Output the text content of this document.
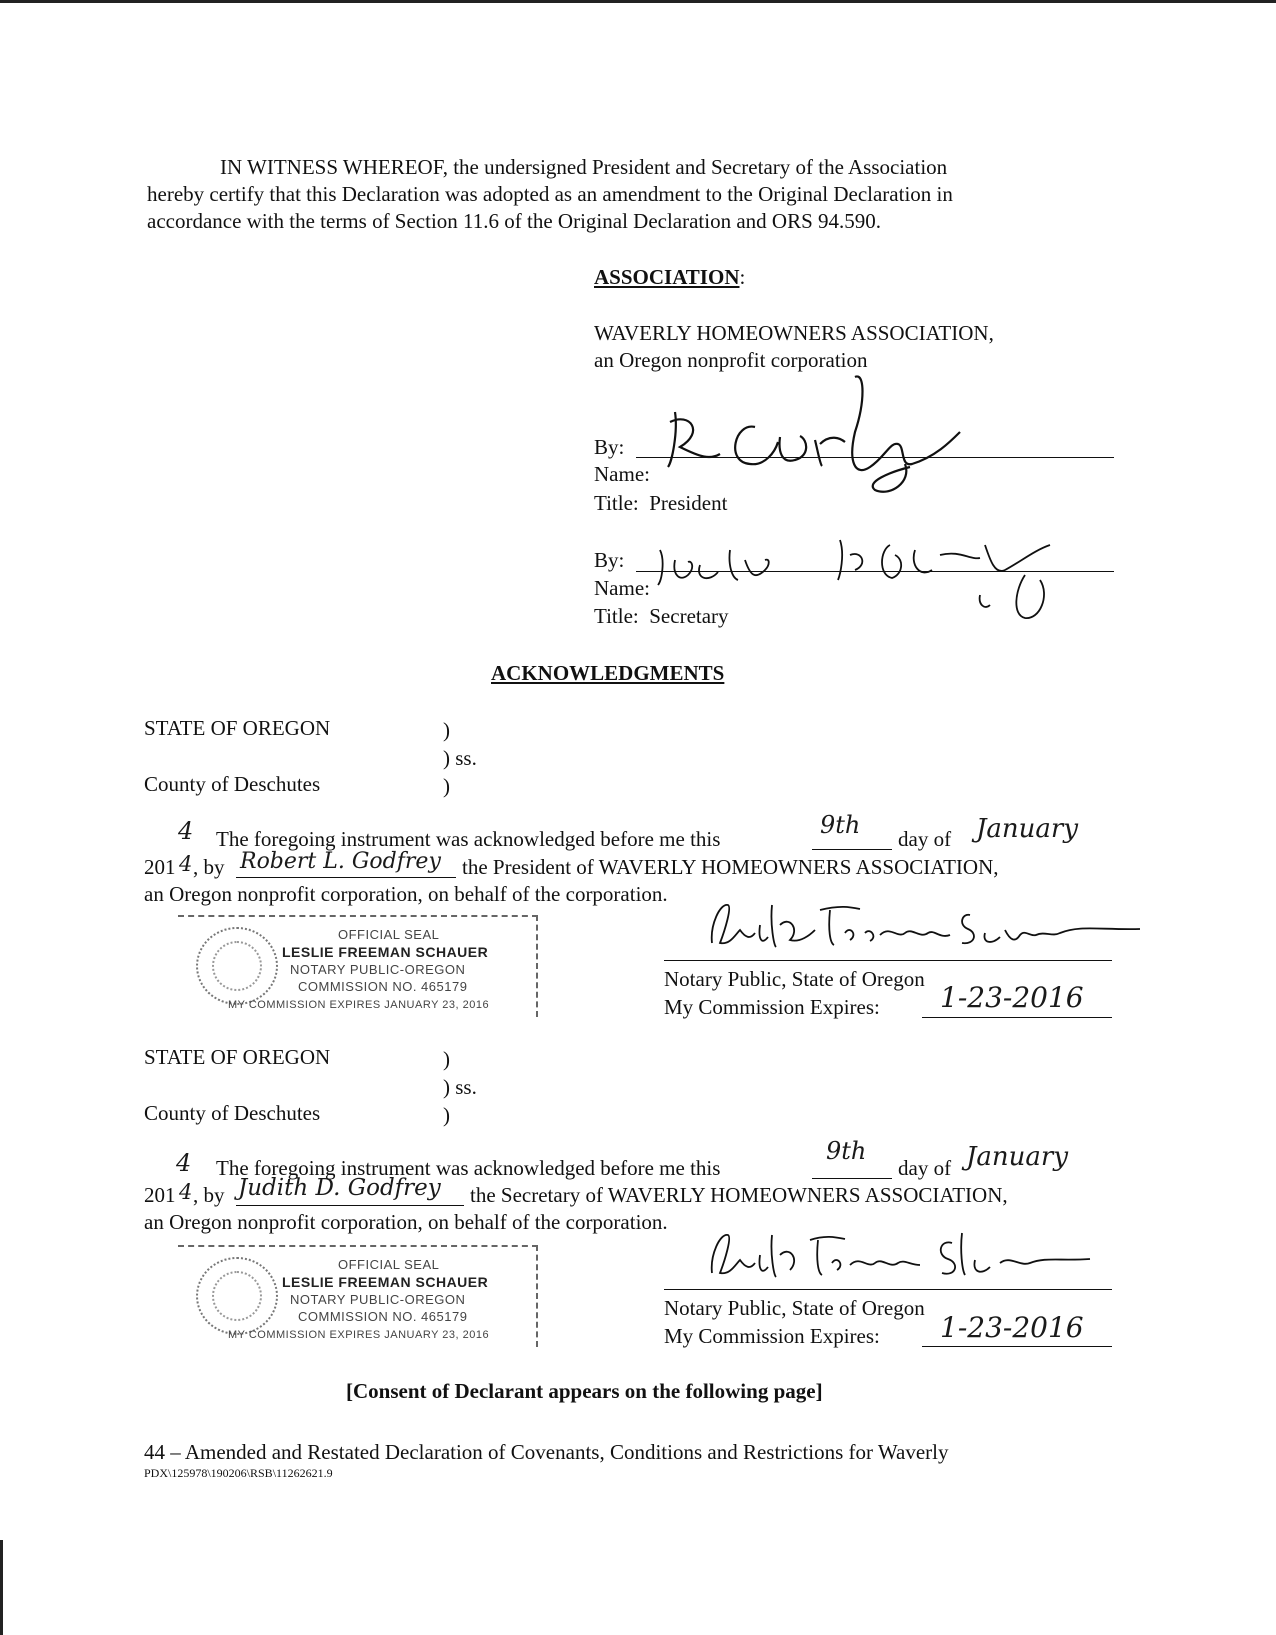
IN WITNESS WHEREOF, the undersigned President and Secretary of the Association
hereby certify that this Declaration was adopted as an amendment to the Original Declaration in
accordance with the terms of Section 11.6 of the Original Declaration and ORS 94.590.
ASSOCIATION:
WAVERLY HOMEOWNERS ASSOCIATION,
an Oregon nonprofit corporation
By:
Name:
Title: President
By:
Name:
Title: Secretary
ACKNOWLEDGMENTS
STATE OF OREGON	)
) ss.
County of Deschutes	)
4 The foregoing instrument was acknowledged before me this	9th day of January
201 4 , by Robert L. Godfrey the President of WAVERLY HOMEOWNERS ASSOCIATION,
an Oregon nonprofit corporation, on behalf of the corporation.
OFFICIAL SEAL
LESLIE FREEMAN SCHAUER
NOTARY PUBLIC-OREGON
COMMISSION NO. 465179
MY COMMISSION EXPIRES JANUARY 23, 2016
Notary Public, State of Oregon
My Commission Expires: 1-23-2016
STATE OF OREGON	)
) ss.
County of Deschutes	)
4 The foregoing instrument was acknowledged before me this
9th
day of January
201 4 , by Judith D. Godfrey the Secretary of WAVERLY HOMEOWNERS ASSOCIATION,
an Oregon nonprofit corporation, on behalf of the corporation.
OFFICIAL SEAL
LESLIE FREEMAN SCHAUER
NOTARY PUBLIC-OREGON
COMMISSION NO. 465179
MY COMMISSION EXPIRES JANUARY 23, 2016
Notary Public, State of Oregon
My Commission Expires: 1-23-2016
[Consent of Declarant appears on the following page]
44 – Amended and Restated Declaration of Covenants, Conditions and Restrictions for Waverly
PDX\125978\190206\RSB\11262621.9
